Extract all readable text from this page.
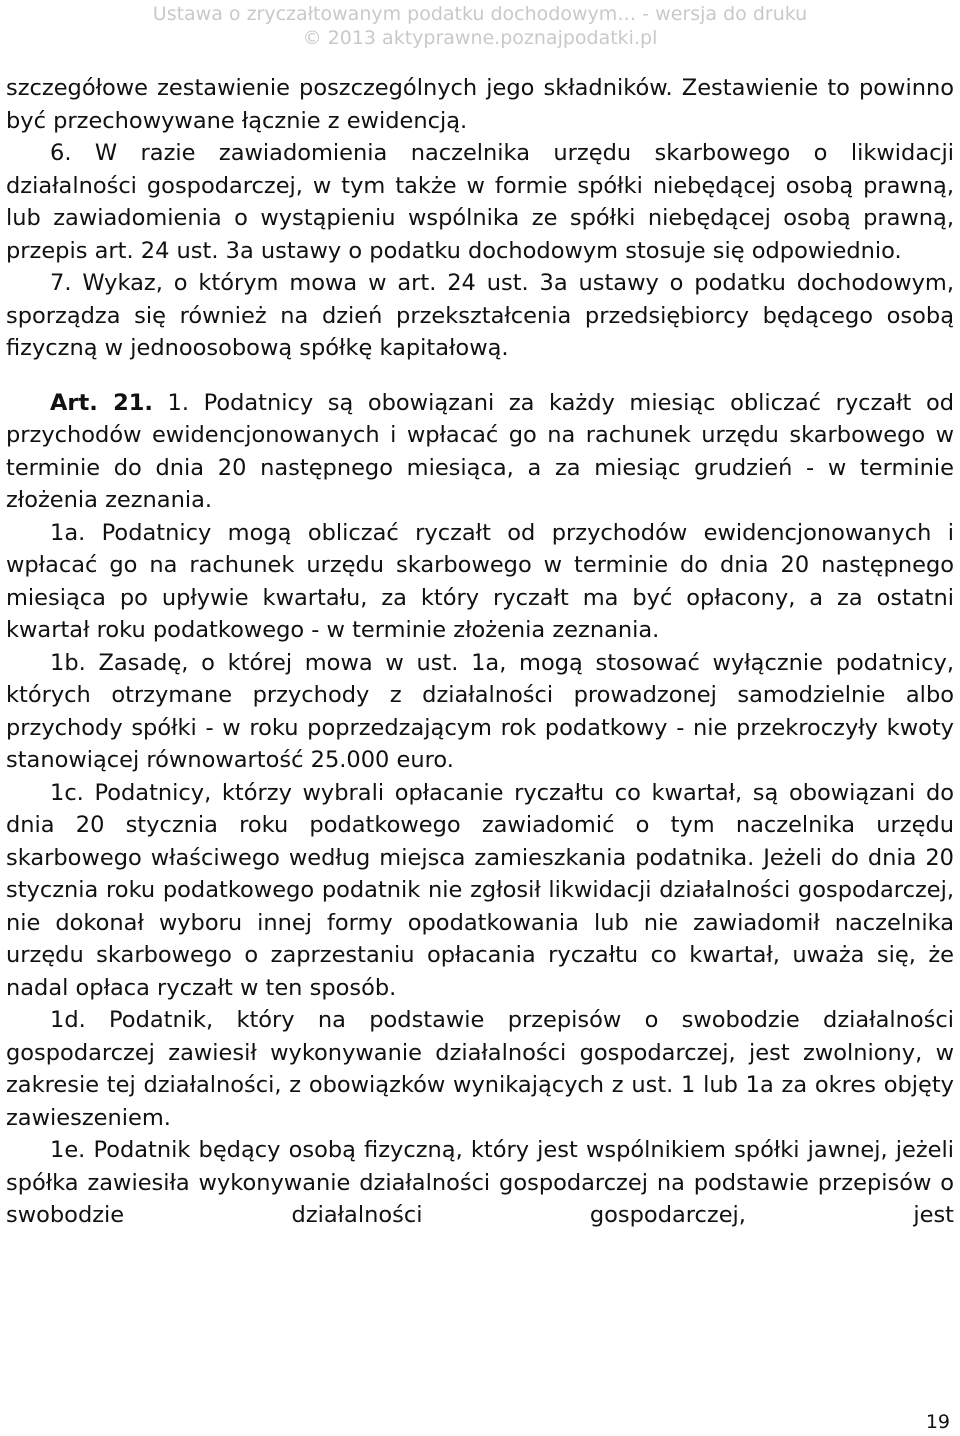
Ustawa o zryczałtowanym podatku dochodowym… - wersja do druku
© 2013 aktyprawne.poznajpodatki.pl

szczegółowe zestawienie poszczególnych jego składników. Zestawienie to powinno być przechowywane łącznie z ewidencją.

6. W razie zawiadomienia naczelnika urzędu skarbowego o likwidacji działalności gospodarczej, w tym także w formie spółki niebędącej osobą prawną, lub zawiadomienia o wystąpieniu wspólnika ze spółki niebędącej osobą prawną, przepis art. 24 ust. 3a ustawy o podatku dochodowym stosuje się odpowiednio.

7. Wykaz, o którym mowa w art. 24 ust. 3a ustawy o podatku dochodowym, sporządza się również na dzień przekształcenia przedsiębiorcy będącego osobą fizyczną w jednoosobową spółkę kapitałową.

Art. 21. 1. Podatnicy są obowiązani za każdy miesiąc obliczać ryczałt od przychodów ewidencjonowanych i wpłacać go na rachunek urzędu skarbowego w terminie do dnia 20 następnego miesiąca, a za miesiąc grudzień - w terminie złożenia zeznania.

1a. Podatnicy mogą obliczać ryczałt od przychodów ewidencjonowanych i wpłacać go na rachunek urzędu skarbowego w terminie do dnia 20 następnego miesiąca po upływie kwartału, za który ryczałt ma być opłacony, a za ostatni kwartał roku podatkowego - w terminie złożenia zeznania.

1b. Zasadę, o której mowa w ust. 1a, mogą stosować wyłącznie podatnicy, których otrzymane przychody z działalności prowadzonej samodzielnie albo przychody spółki - w roku poprzedzającym rok podatkowy - nie przekroczyły kwoty stanowiącej równowartość 25.000 euro.

1c. Podatnicy, którzy wybrali opłacanie ryczałtu co kwartał, są obowiązani do dnia 20 stycznia roku podatkowego zawiadomić o tym naczelnika urzędu skarbowego właściwego według miejsca zamieszkania podatnika. Jeżeli do dnia 20 stycznia roku podatkowego podatnik nie zgłosił likwidacji działalności gospodarczej, nie dokonał wyboru innej formy opodatkowania lub nie zawiadomił naczelnika urzędu skarbowego o zaprzestaniu opłacania ryczałtu co kwartał, uważa się, że nadal opłaca ryczałt w ten sposób.

1d. Podatnik, który na podstawie przepisów o swobodzie działalności gospodarczej zawiesił wykonywanie działalności gospodarczej, jest zwolniony, w zakresie tej działalności, z obowiązków wynikających z ust. 1 lub 1a za okres objęty zawieszeniem.

1e. Podatnik będący osobą fizyczną, który jest wspólnikiem spółki jawnej, jeżeli spółka zawiesiła wykonywanie działalności gospodarczej na podstawie przepisów o swobodzie działalności gospodarczej, jest

19
